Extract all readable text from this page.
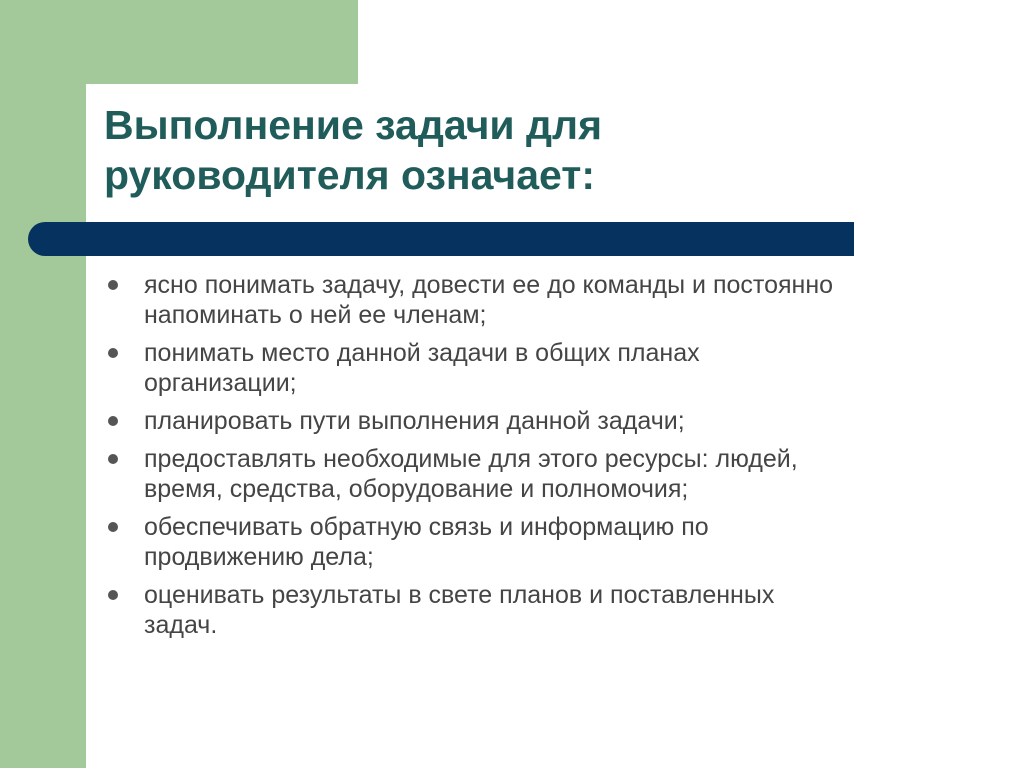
Выполнение задачи для
руководителя означает:
ясно понимать задачу, довести ее до команды и постоянно
напоминать о ней ее членам;
понимать место данной задачи в общих планах
организации;
планировать пути выполнения данной задачи;
предоставлять необходимые для этого ресурсы: людей,
время, средства, оборудование и полномочия;
обеспечивать обратную связь и информацию по
продвижению дела;
оценивать результаты в свете планов и поставленных
задач.
